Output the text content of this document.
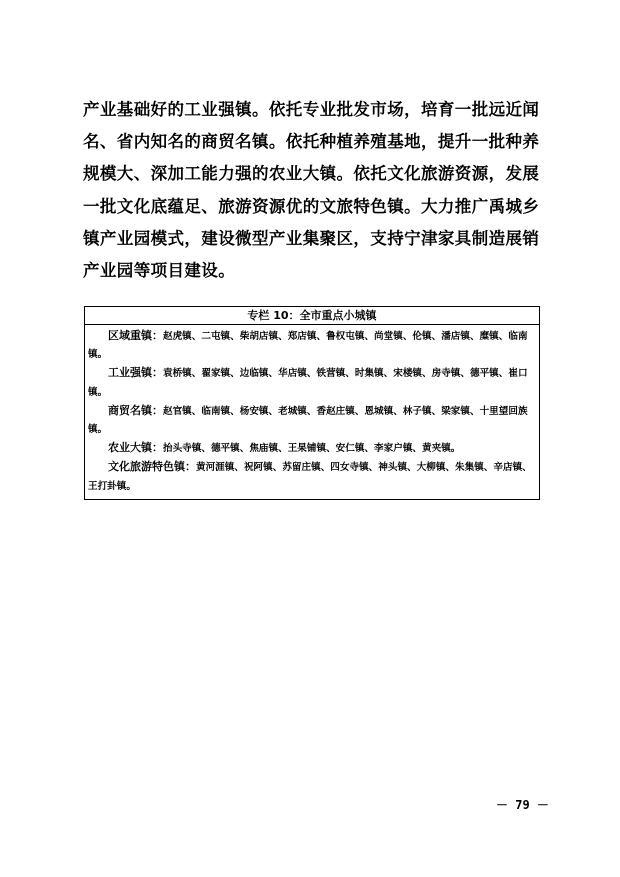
产业基础好的工业强镇。依托专业批发市场，培育一批远近闻名、省内知名的商贸名镇。依托种植养殖基地，提升一批种养规模大、深加工能力强的农业大镇。依托文化旅游资源，发展一批文化底蕴足、旅游资源优的文旅特色镇。大力推广禹城乡镇产业园模式，建设微型产业集聚区，支持宁津家具制造展销产业园等项目建设。

专栏 10：全市重点小城镇

区域重镇：赵虎镇、二屯镇、柴胡店镇、郑店镇、鲁权屯镇、尚堂镇、伦镇、潘店镇、糜镇、临南镇。

工业强镇：袁桥镇、翟家镇、边临镇、华店镇、铁营镇、时集镇、宋楼镇、房寺镇、德平镇、崔口镇。

商贸名镇：赵官镇、临南镇、杨安镇、老城镇、香赵庄镇、恩城镇、林子镇、梁家镇、十里望回族镇。

农业大镇：抬头寺镇、德平镇、焦庙镇、王杲铺镇、安仁镇、李家户镇、黄夹镇。

文化旅游特色镇：黄河涯镇、祝阿镇、苏留庄镇、四女寺镇、神头镇、大柳镇、朱集镇、辛店镇、王打卦镇。

－ 79 －
